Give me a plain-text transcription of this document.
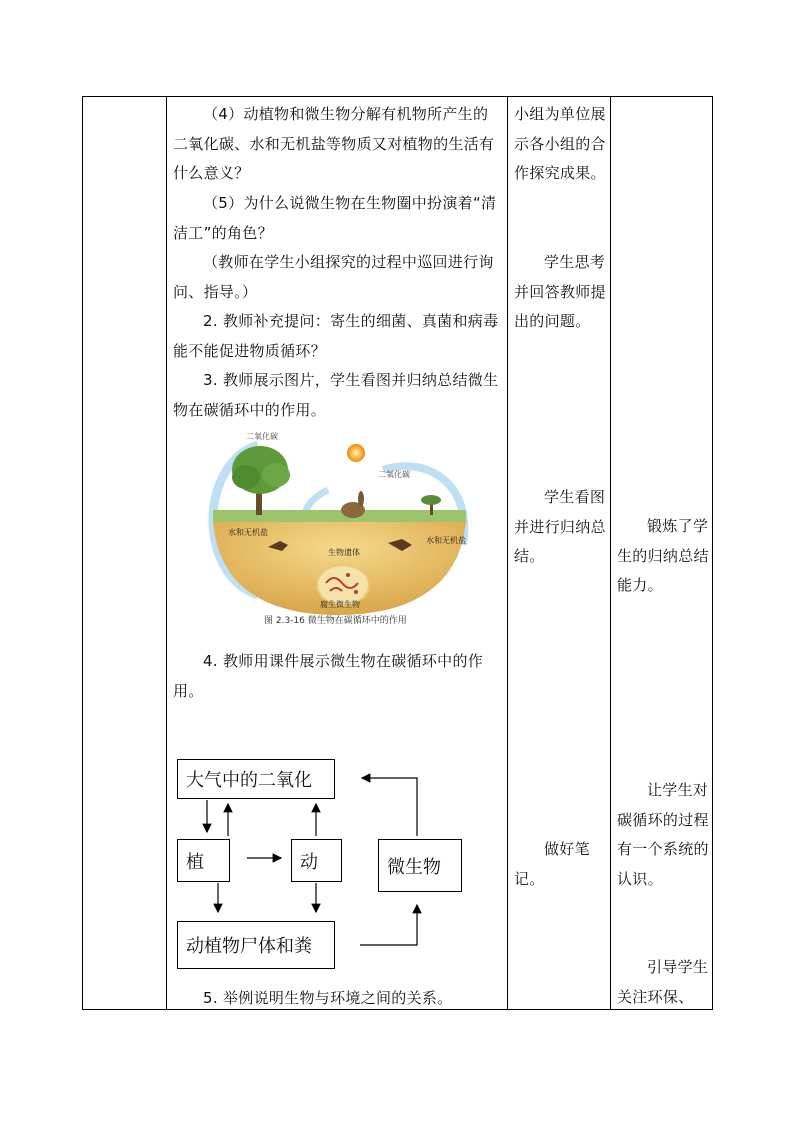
（4）动植物和微生物分解有机物所产生的二氧化碳、水和无机盐等物质又对植物的生活有什么意义？
（5）为什么说微生物在生物圈中扮演着“清洁工”的角色？
（教师在学生小组探究的过程中巡回进行询问、指导。）
2. 教师补充提问：寄生的细菌、真菌和病毒能不能促进物质循环？
3. 教师展示图片，学生看图并归纳总结微生物在碳循环中的作用。
二氧化碳
二氧化碳
水和无机盐
水和无机盐
生物遗体
腐生微生物
图 2.3-16 微生物在碳循环中的作用
4. 教师用课件展示微生物在碳循环中的作用。
大气中的二氧化
植	动	微生物
动植物尸体和粪
5. 举例说明生物与环境之间的关系。
小组为单位展示各小组的合作探究成果。
学生思考并回答教师提出的问题。
学生看图并进行归纳总结。
做好笔记。
锻炼了学生的归纳总结能力。
让学生对碳循环的过程有一个系统的认识。
引导学生关注环保、
